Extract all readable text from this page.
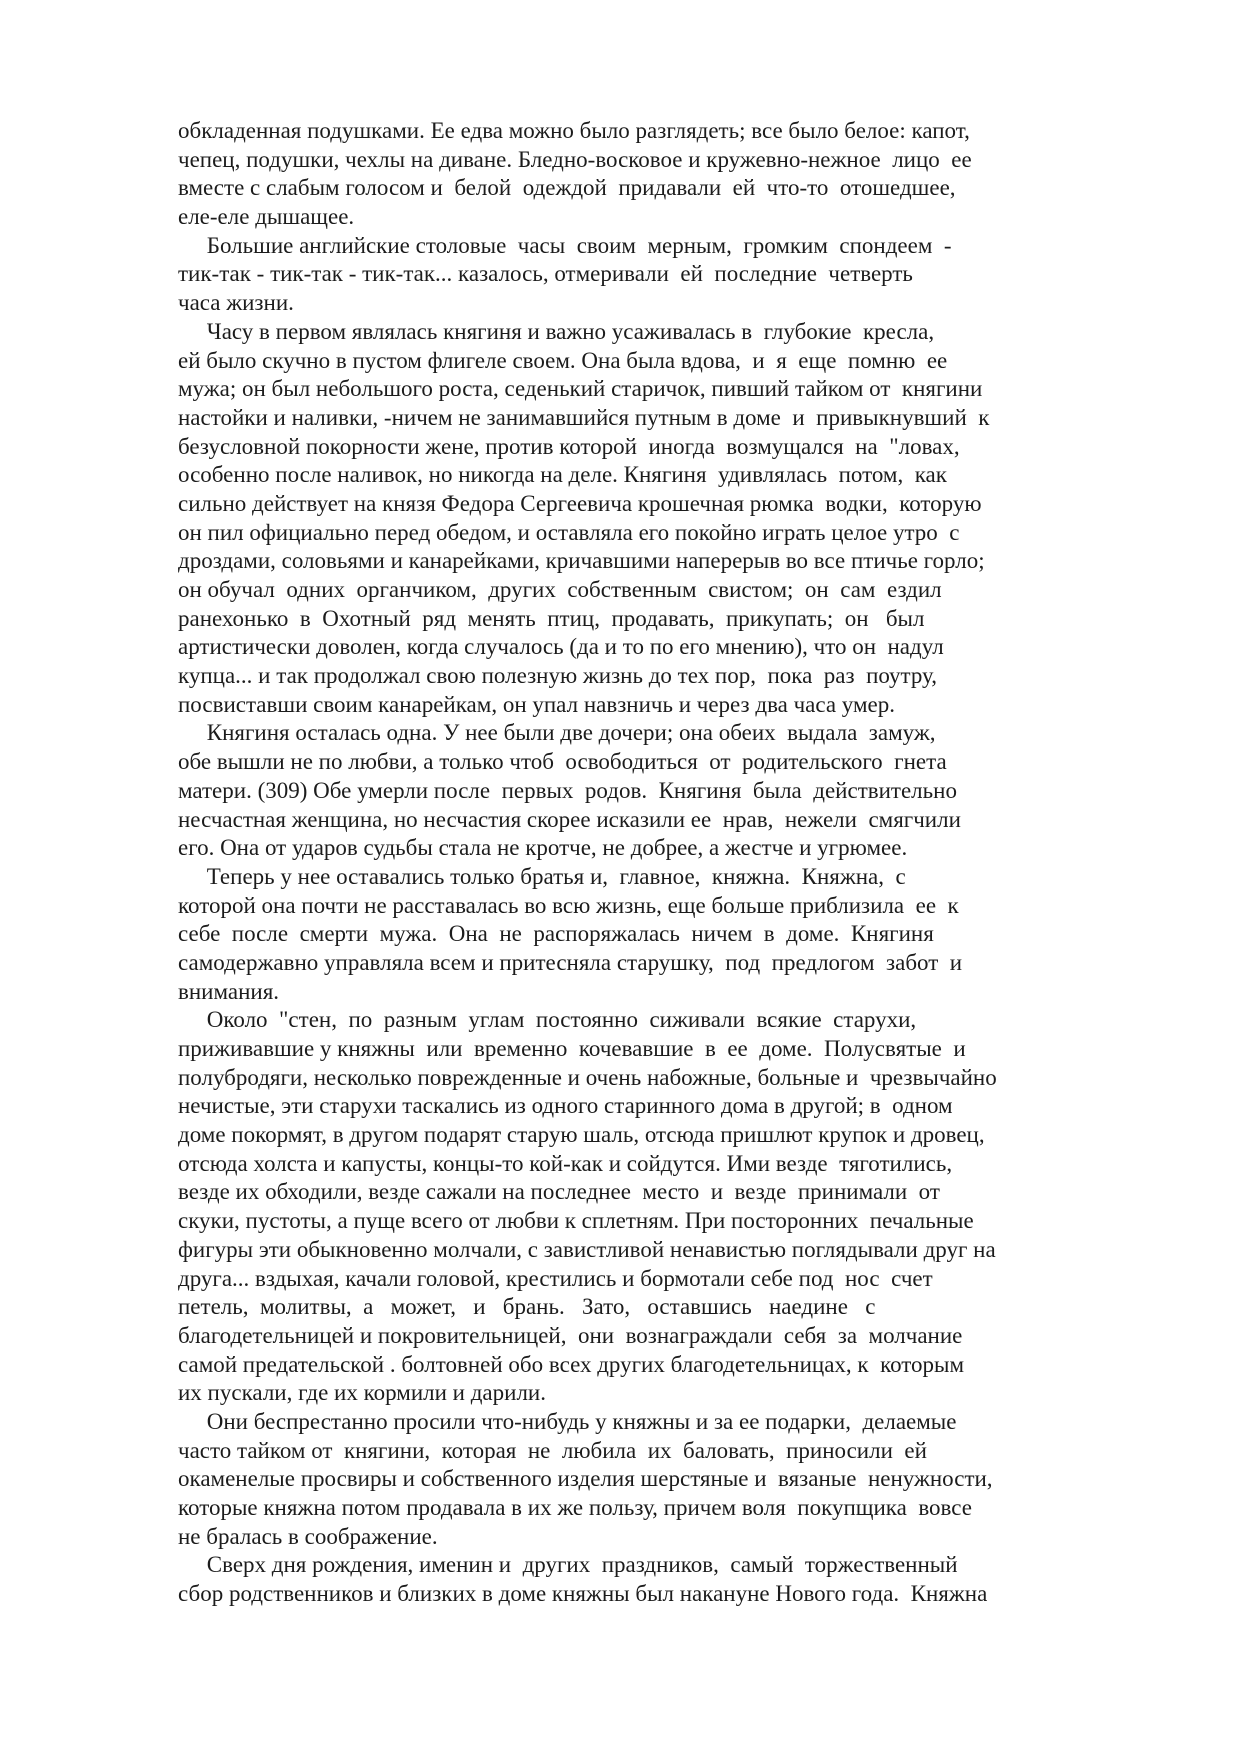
обкладенная подушками. Ее едва можно было разглядеть; все было белое: капот,
чепец, подушки, чехлы на диване. Бледно-восковое и кружевно-нежное  лицо  ее
вместе с слабым голосом и  белой  одеждой  придавали  ей  что-то  отошедшее,
еле-еле дышащее.
Большие английские столовые  часы  своим  мерным,  громким  спондеем  -
тик-так - тик-так - тик-так... казалось, отмеривали  ей  последние  четверть
часа жизни.
Часу в первом являлась княгиня и важно усаживалась в  глубокие  кресла,
ей было скучно в пустом флигеле своем. Она была вдова,  и  я  еще  помню  ее
мужа; он был небольшого роста, седенький старичок, пивший тайком от  княгини
настойки и наливки, -ничем не занимавшийся путным в доме  и  привыкнувший  к
безусловной покорности жене, против которой  иногда  возмущался  на  "ловах,
особенно после наливок, но никогда на деле. Княгиня  удивлялась  потом,  как
сильно действует на князя Федора Сергеевича крошечная рюмка  водки,  которую
он пил официально перед обедом, и оставляла его покойно играть целое утро  с
дроздами, соловьями и канарейками, кричавшими наперерыв во все птичье горло;
он обучал  одних  органчиком,  других  собственным  свистом;  он  сам  ездил
ранехонько  в  Охотный  ряд  менять  птиц,  продавать,  прикупать;  он   был
артистически доволен, когда случалось (да и то по его мнению), что он  надул
купца... и так продолжал свою полезную жизнь до тех пор,  пока  раз  поутру,
посвиставши своим канарейкам, он упал навзничь и через два часа умер.
Княгиня осталась одна. У нее были две дочери; она обеих  выдала  замуж,
обе вышли не по любви, а только чтоб  освободиться  от  родительского  гнета
матери. (309) Обе умерли после  первых  родов.  Княгиня  была  действительно
несчастная женщина, но несчастия скорее исказили ее  нрав,  нежели  смягчили
его. Она от ударов судьбы стала не кротче, не добрее, а жестче и угрюмее.
Теперь у нее оставались только братья и,  главное,  княжна.  Княжна,  с
которой она почти не расставалась во всю жизнь, еще больше приблизила  ее  к
себе  после  смерти  мужа.  Она  не  распоряжалась  ничем  в  доме.  Княгиня
самодержавно управляла всем и притесняла старушку,  под  предлогом  забот  и
внимания.
Около  "стен,  по  разным  углам  постоянно  сиживали  всякие  старухи,
приживавшие у княжны  или  временно  кочевавшие  в  ее  доме.  Полусвятые  и
полубродяги, несколько поврежденные и очень набожные, больные и  чрезвычайно
нечистые, эти старухи таскались из одного старинного дома в другой; в  одном
доме покормят, в другом подарят старую шаль, отсюда пришлют крупок и дровец,
отсюда холста и капусты, концы-то кой-как и сойдутся. Ими везде  тяготились,
везде их обходили, везде сажали на последнее  место  и  везде  принимали  от
скуки, пустоты, а пуще всего от любви к сплетням. При посторонних  печальные
фигуры эти обыкновенно молчали, с завистливой ненавистью поглядывали друг на
друга... вздыхая, качали головой, крестились и бормотали себе под  нос  счет
петель,  молитвы,  а   может,   и   брань.   Зато,   оставшись   наедине   с
благодетельницей и покровительницей,  они  вознаграждали  себя  за  молчание
самой предательской . болтовней обо всех других благодетельницах, к  которым
их пускали, где их кормили и дарили.
Они беспрестанно просили что-нибудь у княжны и за ее подарки,  делаемые
часто тайком от  княгини,  которая  не  любила  их  баловать,  приносили  ей
окаменелые просвиры и собственного изделия шерстяные и  вязаные  ненужности,
которые княжна потом продавала в их же пользу, причем воля  покупщика  вовсе
не бралась в соображение.
Сверх дня рождения, именин и  других  праздников,  самый  торжественный
сбор родственников и близких в доме княжны был накануне Нового года.  Княжна
